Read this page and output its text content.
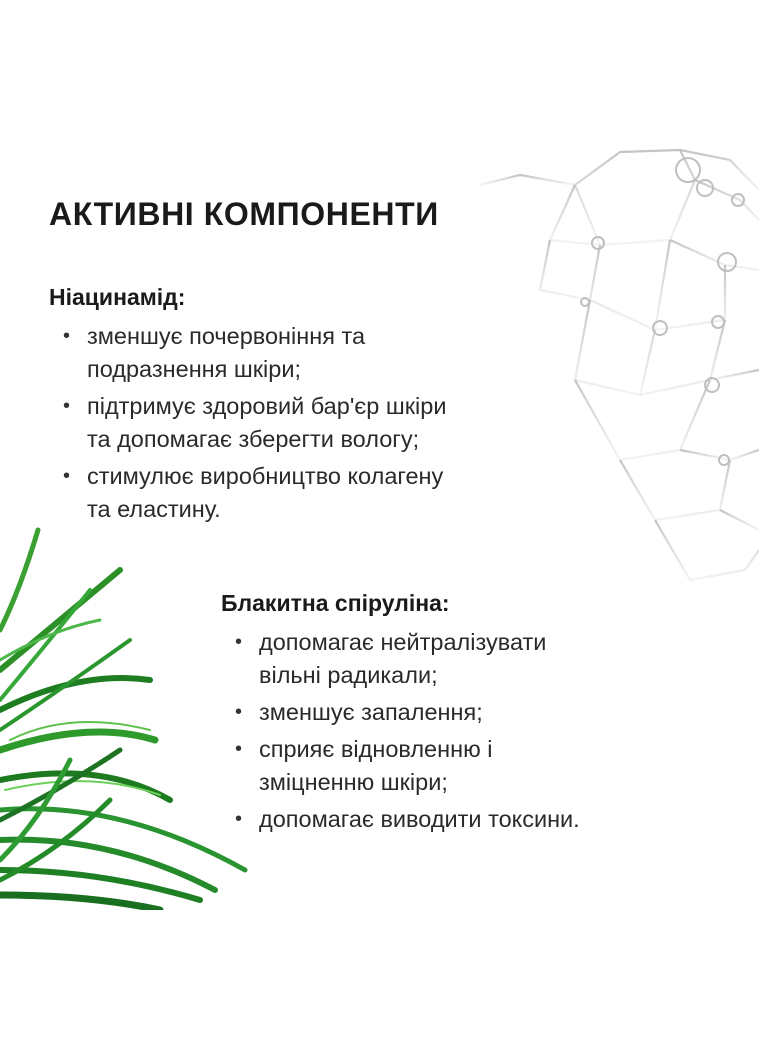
АКТИВНІ КОМПОНЕНТИ
Ніацинамід:
• зменшує почервоніння та
подразнення шкіри;
• підтримує здоровий бар'єр шкіри
та допомагає зберегти вологу;
• стимулює виробництво колагену
та еластину.
Блакитна спіруліна:
• допомагає нейтралізувати
вільні радикали;
• зменшує запалення;
• сприяє відновленню і
зміцненню шкіри;
• допомагає виводити токсини.
